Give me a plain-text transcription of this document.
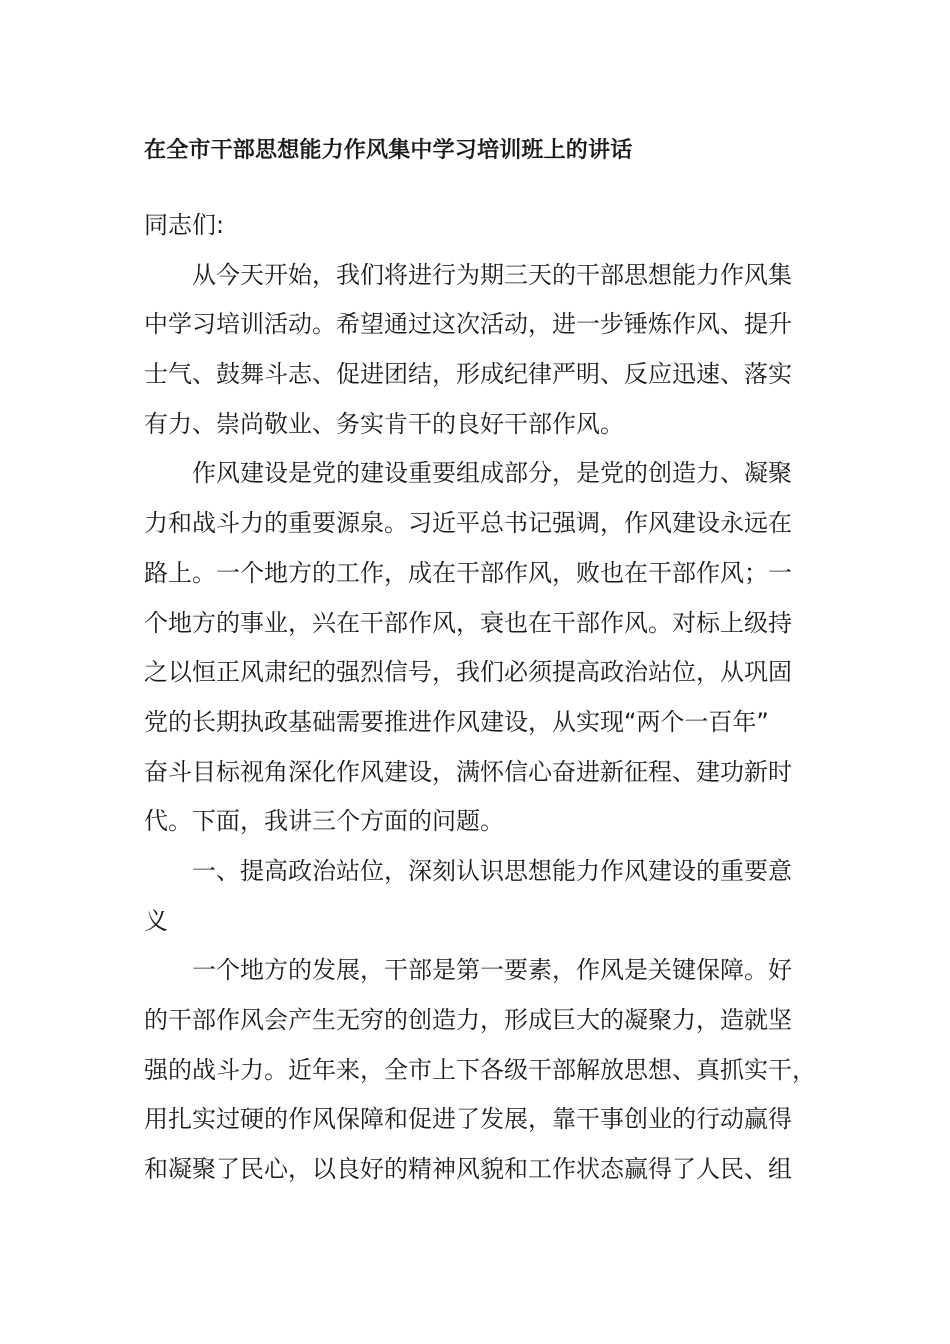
在全市干部思想能力作风集中学习培训班上的讲话
同志们:
从今天开始，我们将进行为期三天的干部思想能力作风集
中学习培训活动。希望通过这次活动，进一步锤炼作风、提升
士气、鼓舞斗志、促进团结，形成纪律严明、反应迅速、落实
有力、崇尚敬业、务实肯干的良好干部作风。
作风建设是党的建设重要组成部分，是党的创造力、凝聚
力和战斗力的重要源泉。习近平总书记强调，作风建设永远在
路上。一个地方的工作，成在干部作风，败也在干部作风；一
个地方的事业，兴在干部作风，衰也在干部作风。对标上级持
之以恒正风肃纪的强烈信号，我们必须提高政治站位，从巩固
党的长期执政基础需要推进作风建设，从实现“两个一百年”
奋斗目标视角深化作风建设，满怀信心奋进新征程、建功新时
代。下面，我讲三个方面的问题。
一、提高政治站位，深刻认识思想能力作风建设的重要意
义
一个地方的发展，干部是第一要素，作风是关键保障。好
的干部作风会产生无穷的创造力，形成巨大的凝聚力，造就坚
强的战斗力。近年来，全市上下各级干部解放思想、真抓实干，
用扎实过硬的作风保障和促进了发展，靠干事创业的行动赢得
和凝聚了民心，以良好的精神风貌和工作状态赢得了人民、组
